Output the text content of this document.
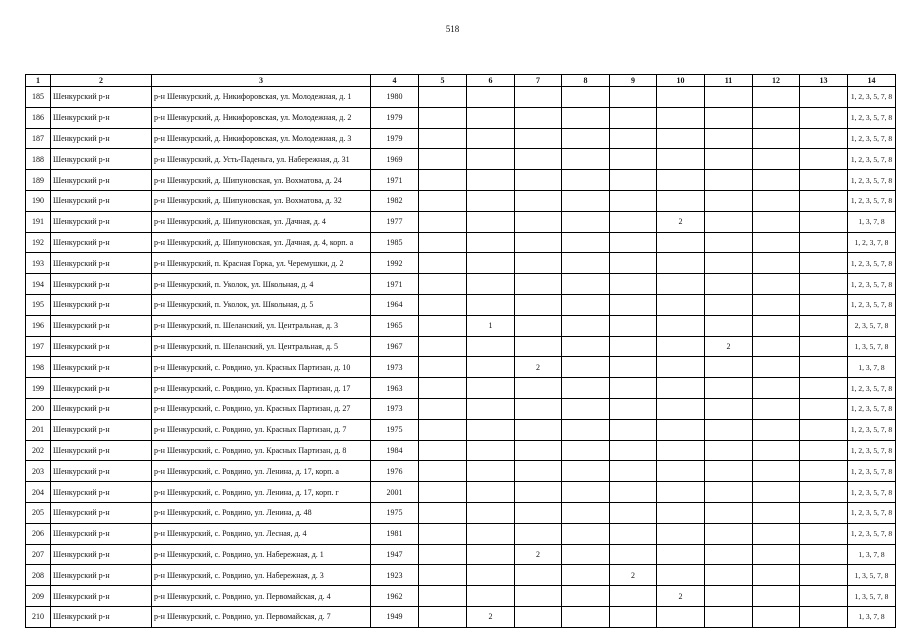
518
1	2	3	4	5	6	7	8	9	10	11	12	13	14
185	Шенкурский р-н	р-н Шенкурский, д. Никифоровская, ул. Молодежная, д. 1	1980										1, 2, 3, 5, 7, 8
186	Шенкурский р-н	р-н Шенкурский, д. Никифоровская, ул. Молодежная, д. 2	1979										1, 2, 3, 5, 7, 8
187	Шенкурский р-н	р-н Шенкурский, д. Никифоровская, ул. Молодежная, д. 3	1979										1, 2, 3, 5, 7, 8
188	Шенкурский р-н	р-н Шенкурский, д. Усть-Паденьга, ул. Набережная, д. 31	1969										1, 2, 3, 5, 7, 8
189	Шенкурский р-н	р-н Шенкурский, д. Шипуновская, ул. Вохматова, д. 24	1971										1, 2, 3, 5, 7, 8
190	Шенкурский р-н	р-н Шенкурский, д. Шипуновская, ул. Вохматова, д. 32	1982										1, 2, 3, 5, 7, 8
191	Шенкурский р-н	р-н Шенкурский, д. Шипуновская, ул. Дачная, д. 4	1977						2				1, 3, 7, 8
192	Шенкурский р-н	р-н Шенкурский, д. Шипуновская, ул. Дачная, д. 4, корп. а	1985										1, 2, 3, 7, 8
193	Шенкурский р-н	р-н Шенкурский, п. Красная Горка, ул. Черемушки, д. 2	1992										1, 2, 3, 5, 7, 8
194	Шенкурский р-н	р-н Шенкурский, п. Уколок, ул. Школьная, д. 4	1971										1, 2, 3, 5, 7, 8
195	Шенкурский р-н	р-н Шенкурский, п. Уколок, ул. Школьная, д. 5	1964										1, 2, 3, 5, 7, 8
196	Шенкурский р-н	р-н Шенкурский, п. Шеланский, ул. Центральная, д. 3	1965		1								2, 3, 5, 7, 8
197	Шенкурский р-н	р-н Шенкурский, п. Шеланский, ул. Центральная, д. 5	1967							2			1, 3, 5, 7, 8
198	Шенкурский р-н	р-н Шенкурский, с. Ровдино, ул. Красных Партизан, д. 10	1973			2							1, 3, 7, 8
199	Шенкурский р-н	р-н Шенкурский, с. Ровдино, ул. Красных Партизан, д. 17	1963										1, 2, 3, 5, 7, 8
200	Шенкурский р-н	р-н Шенкурский, с. Ровдино, ул. Красных Партизан, д. 27	1973										1, 2, 3, 5, 7, 8
201	Шенкурский р-н	р-н Шенкурский, с. Ровдино, ул. Красных Партизан, д. 7	1975										1, 2, 3, 5, 7, 8
202	Шенкурский р-н	р-н Шенкурский, с. Ровдино, ул. Красных Партизан, д. 8	1984										1, 2, 3, 5, 7, 8
203	Шенкурский р-н	р-н Шенкурский, с. Ровдино, ул. Ленина, д. 17, корп. а	1976										1, 2, 3, 5, 7, 8
204	Шенкурский р-н	р-н Шенкурский, с. Ровдино, ул. Ленина, д. 17, корп. г	2001										1, 2, 3, 5, 7, 8
205	Шенкурский р-н	р-н Шенкурский, с. Ровдино, ул. Ленина, д. 48	1975										1, 2, 3, 5, 7, 8
206	Шенкурский р-н	р-н Шенкурский, с. Ровдино, ул. Лесная, д. 4	1981										1, 2, 3, 5, 7, 8
207	Шенкурский р-н	р-н Шенкурский, с. Ровдино, ул. Набережная, д. 1	1947			2							1, 3, 7, 8
208	Шенкурский р-н	р-н Шенкурский, с. Ровдино, ул. Набережная, д. 3	1923					2					1, 3, 5, 7, 8
209	Шенкурский р-н	р-н Шенкурский, с. Ровдино, ул. Первомайская, д. 4	1962						2				1, 3, 5, 7, 8
210	Шенкурский р-н	р-н Шенкурский, с. Ровдино, ул. Первомайская, д. 7	1949		2								1, 3, 7, 8
